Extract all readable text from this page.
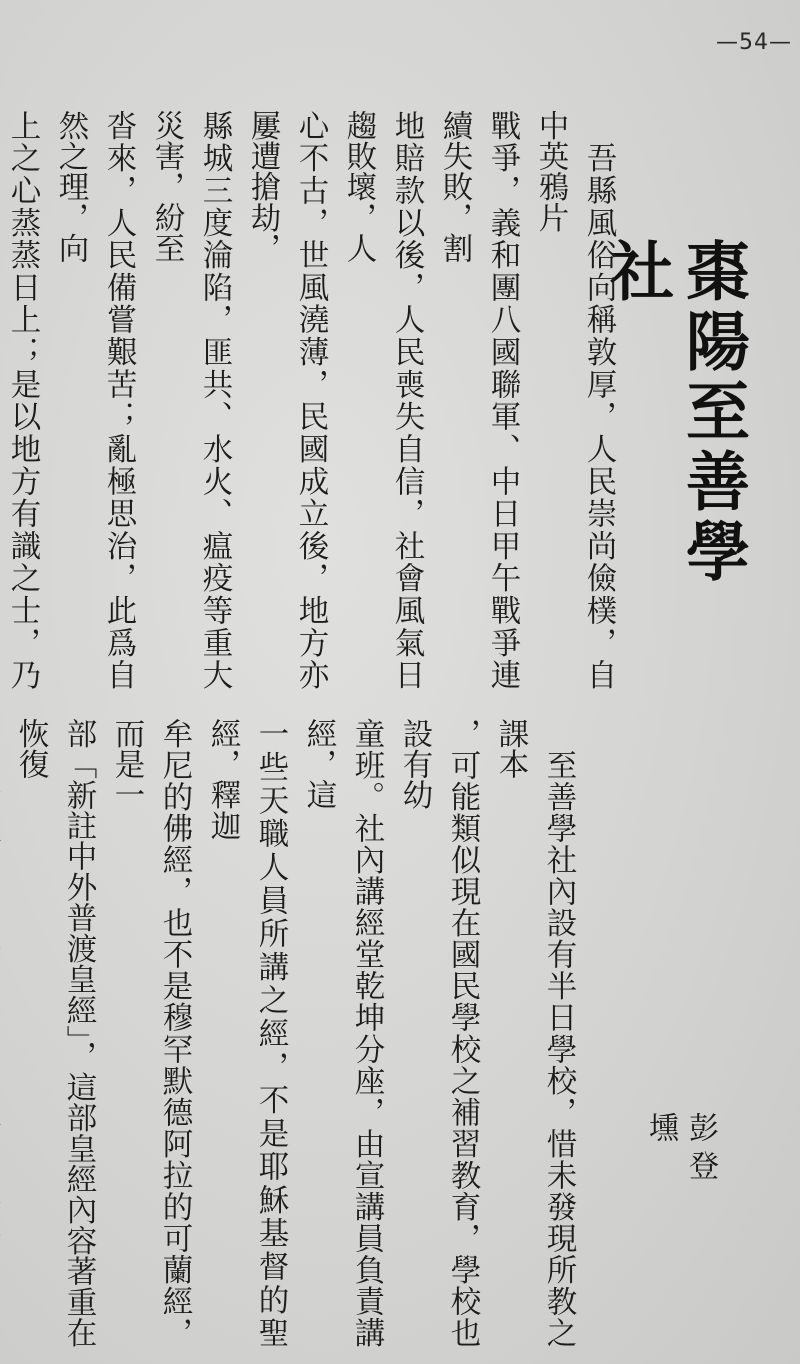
—54—
棗陽至善學社
彭登壎

　吾縣風俗向稱敦厚，人民崇尚儉樸，自中英鴉片

戰爭，義和團八國聯軍、中日甲午戰爭連續失敗，割

地賠款以後，人民喪失自信，社會風氣日趨敗壞，人

心不古，世風澆薄，民國成立後，地方亦屢遭搶劫，

縣城三度淪陷，匪共、水火、瘟疫等重大災害，紛至

沓來，人民備嘗艱苦；亂極思治，此爲自然之理，向

上之心蒸蒸日上；是以地方有識之士，乃

　至善學社內設有半日學校，惜未發現所教之課本

，可能類似現在國民學校之補習教育，學校也設有幼

童班。社內講經堂乾坤分座，由宣講員負責講經，這

一些天職人員所講之經，不是耶穌基督的聖經，釋迦

牟尼的佛經，也不是穆罕默德阿拉的可蘭經，而是一

部「新註中外普渡皇經」，這部皇經內容著重在恢復
